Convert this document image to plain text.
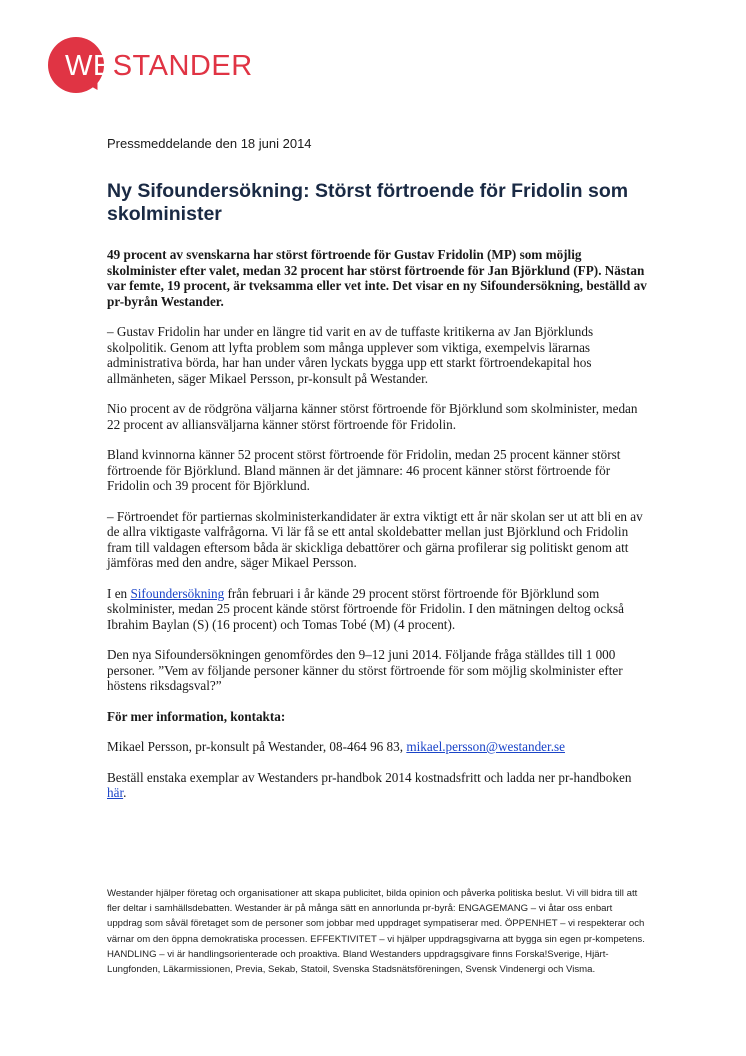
WESTANDER
Pressmeddelande den 18 juni 2014
Ny Sifoundersökning: Störst förtroende för Fridolin som skolminister

49 procent av svenskarna har störst förtroende för Gustav Fridolin (MP) som möjlig skolminister efter valet, medan 32 procent har störst förtroende för Jan Björklund (FP). Nästan var femte, 19 procent, är tveksamma eller vet inte. Det visar en ny Sifoundersökning, beställd av pr-byrån Westander.

– Gustav Fridolin har under en längre tid varit en av de tuffaste kritikerna av Jan Björklunds skolpolitik. Genom att lyfta problem som många upplever som viktiga, exempelvis lärarnas administrativa börda, har han under våren lyckats bygga upp ett starkt förtroendekapital hos allmänheten, säger Mikael Persson, pr-konsult på Westander.

Nio procent av de rödgröna väljarna känner störst förtroende för Björklund som skolminister, medan 22 procent av alliansväljarna känner störst förtroende för Fridolin.

Bland kvinnorna känner 52 procent störst förtroende för Fridolin, medan 25 procent känner störst förtroende för Björklund. Bland männen är det jämnare: 46 procent känner störst förtroende för Fridolin och 39 procent för Björklund.

– Förtroendet för partiernas skolministerkandidater är extra viktigt ett år när skolan ser ut att bli en av de allra viktigaste valfrågorna. Vi lär få se ett antal skoldebatter mellan just Björklund och Fridolin fram till valdagen eftersom båda är skickliga debattörer och gärna profilerar sig politiskt genom att jämföras med den andre, säger Mikael Persson.

I en Sifoundersökning från februari i år kände 29 procent störst förtroende för Björklund som skolminister, medan 25 procent kände störst förtroende för Fridolin. I den mätningen deltog också Ibrahim Baylan (S) (16 procent) och Tomas Tobé (M) (4 procent).

Den nya Sifoundersökningen genomfördes den 9–12 juni 2014. Följande fråga ställdes till 1 000 personer. ”Vem av följande personer känner du störst förtroende för som möjlig skolminister efter höstens riksdagsval?”

För mer information, kontakta:

Mikael Persson, pr-konsult på Westander, 08-464 96 83, mikael.persson@westander.se

Beställ enstaka exemplar av Westanders pr-handbok 2014 kostnadsfritt och ladda ner pr-handboken här.

Westander hjälper företag och organisationer att skapa publicitet, bilda opinion och påverka politiska beslut. Vi vill bidra till att fler deltar i samhällsdebatten. Westander är på många sätt en annorlunda pr-byrå: ENGAGEMANG – vi åtar oss enbart uppdrag som såväl företaget som de personer som jobbar med uppdraget sympatiserar med. ÖPPENHET – vi respekterar och värnar om den öppna demokratiska processen. EFFEKTIVITET – vi hjälper uppdragsgivarna att bygga sin egen pr-kompetens. HANDLING – vi är handlingsorienterade och proaktiva. Bland Westanders uppdragsgivare finns Forska!Sverige, Hjärt-Lungfonden, Läkarmissionen, Previa, Sekab, Statoil, Svenska Stadsnätsföreningen, Svensk Vindenergi och Visma.
